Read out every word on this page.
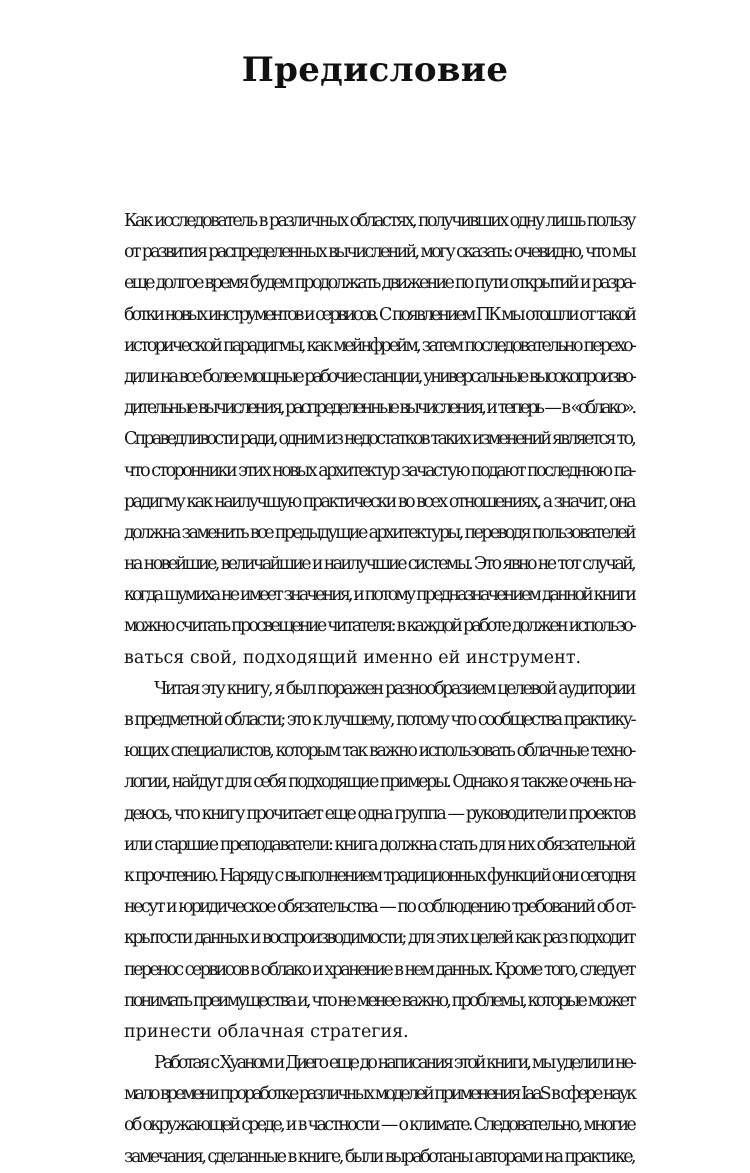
Предисловие
Как исследователь в различных областях, получивших одну лишь пользу
от развития распределенных вычислений, могу сказать: очевидно, что мы
еще долгое время будем продолжать движение по пути открытий и разра-
ботки новых инструментов и сервисов. С появлением ПК мы отошли от такой
исторической парадигмы, как мейнфрейм, затем последовательно перехо-
дили на все более мощные рабочие станции, универсальные высокопроизво-
дительные вычисления, распределенные вычисления, и теперь — в «облако».
Справедливости ради, одним из недостатков таких изменений является то,
что сторонники этих новых архитектур зачастую подают последнюю па-
радигму как наилучшую практически во всех отношениях, а значит, она
должна заменить все предыдущие архитектуры, переводя пользователей
на новейшие, величайшие и наилучшие системы. Это явно не тот случай,
когда шумиха не имеет значения, и потому предназначением данной книги
можно считать просвещение читателя: в каждой работе должен использо-
ваться свой, подходящий именно ей инструмент.
Читая эту книгу, я был поражен разнообразием целевой аудитории
в предметной области; это к лучшему, потому что сообщества практику-
ющих специалистов, которым так важно использовать облачные техно-
логии, найдут для себя подходящие примеры. Однако я также очень на-
деюсь, что книгу прочитает еще одна группа — руководители проектов
или старшие преподаватели: книга должна стать для них обязательной
к прочтению. Наряду с выполнением традиционных функций они сегодня
несут и юридическое обязательства — по соблюдению требований об от-
крытости данных и воспроизводимости; для этих целей как раз подходит
перенос сервисов в облако и хранение в нем данных. Кроме того, следует
понимать преимущества и, что не менее важно, проблемы, которые может
принести облачная стратегия.
Работая с Хуаном и Диего еще до написания этой книги, мы уделили не-
мало времени проработке различных моделей применения IaaS в сфере наук
об окружающей среде, и в частности — о климате. Следовательно, многие
замечания, сделанные в книге, были выработаны авторами на практике,
